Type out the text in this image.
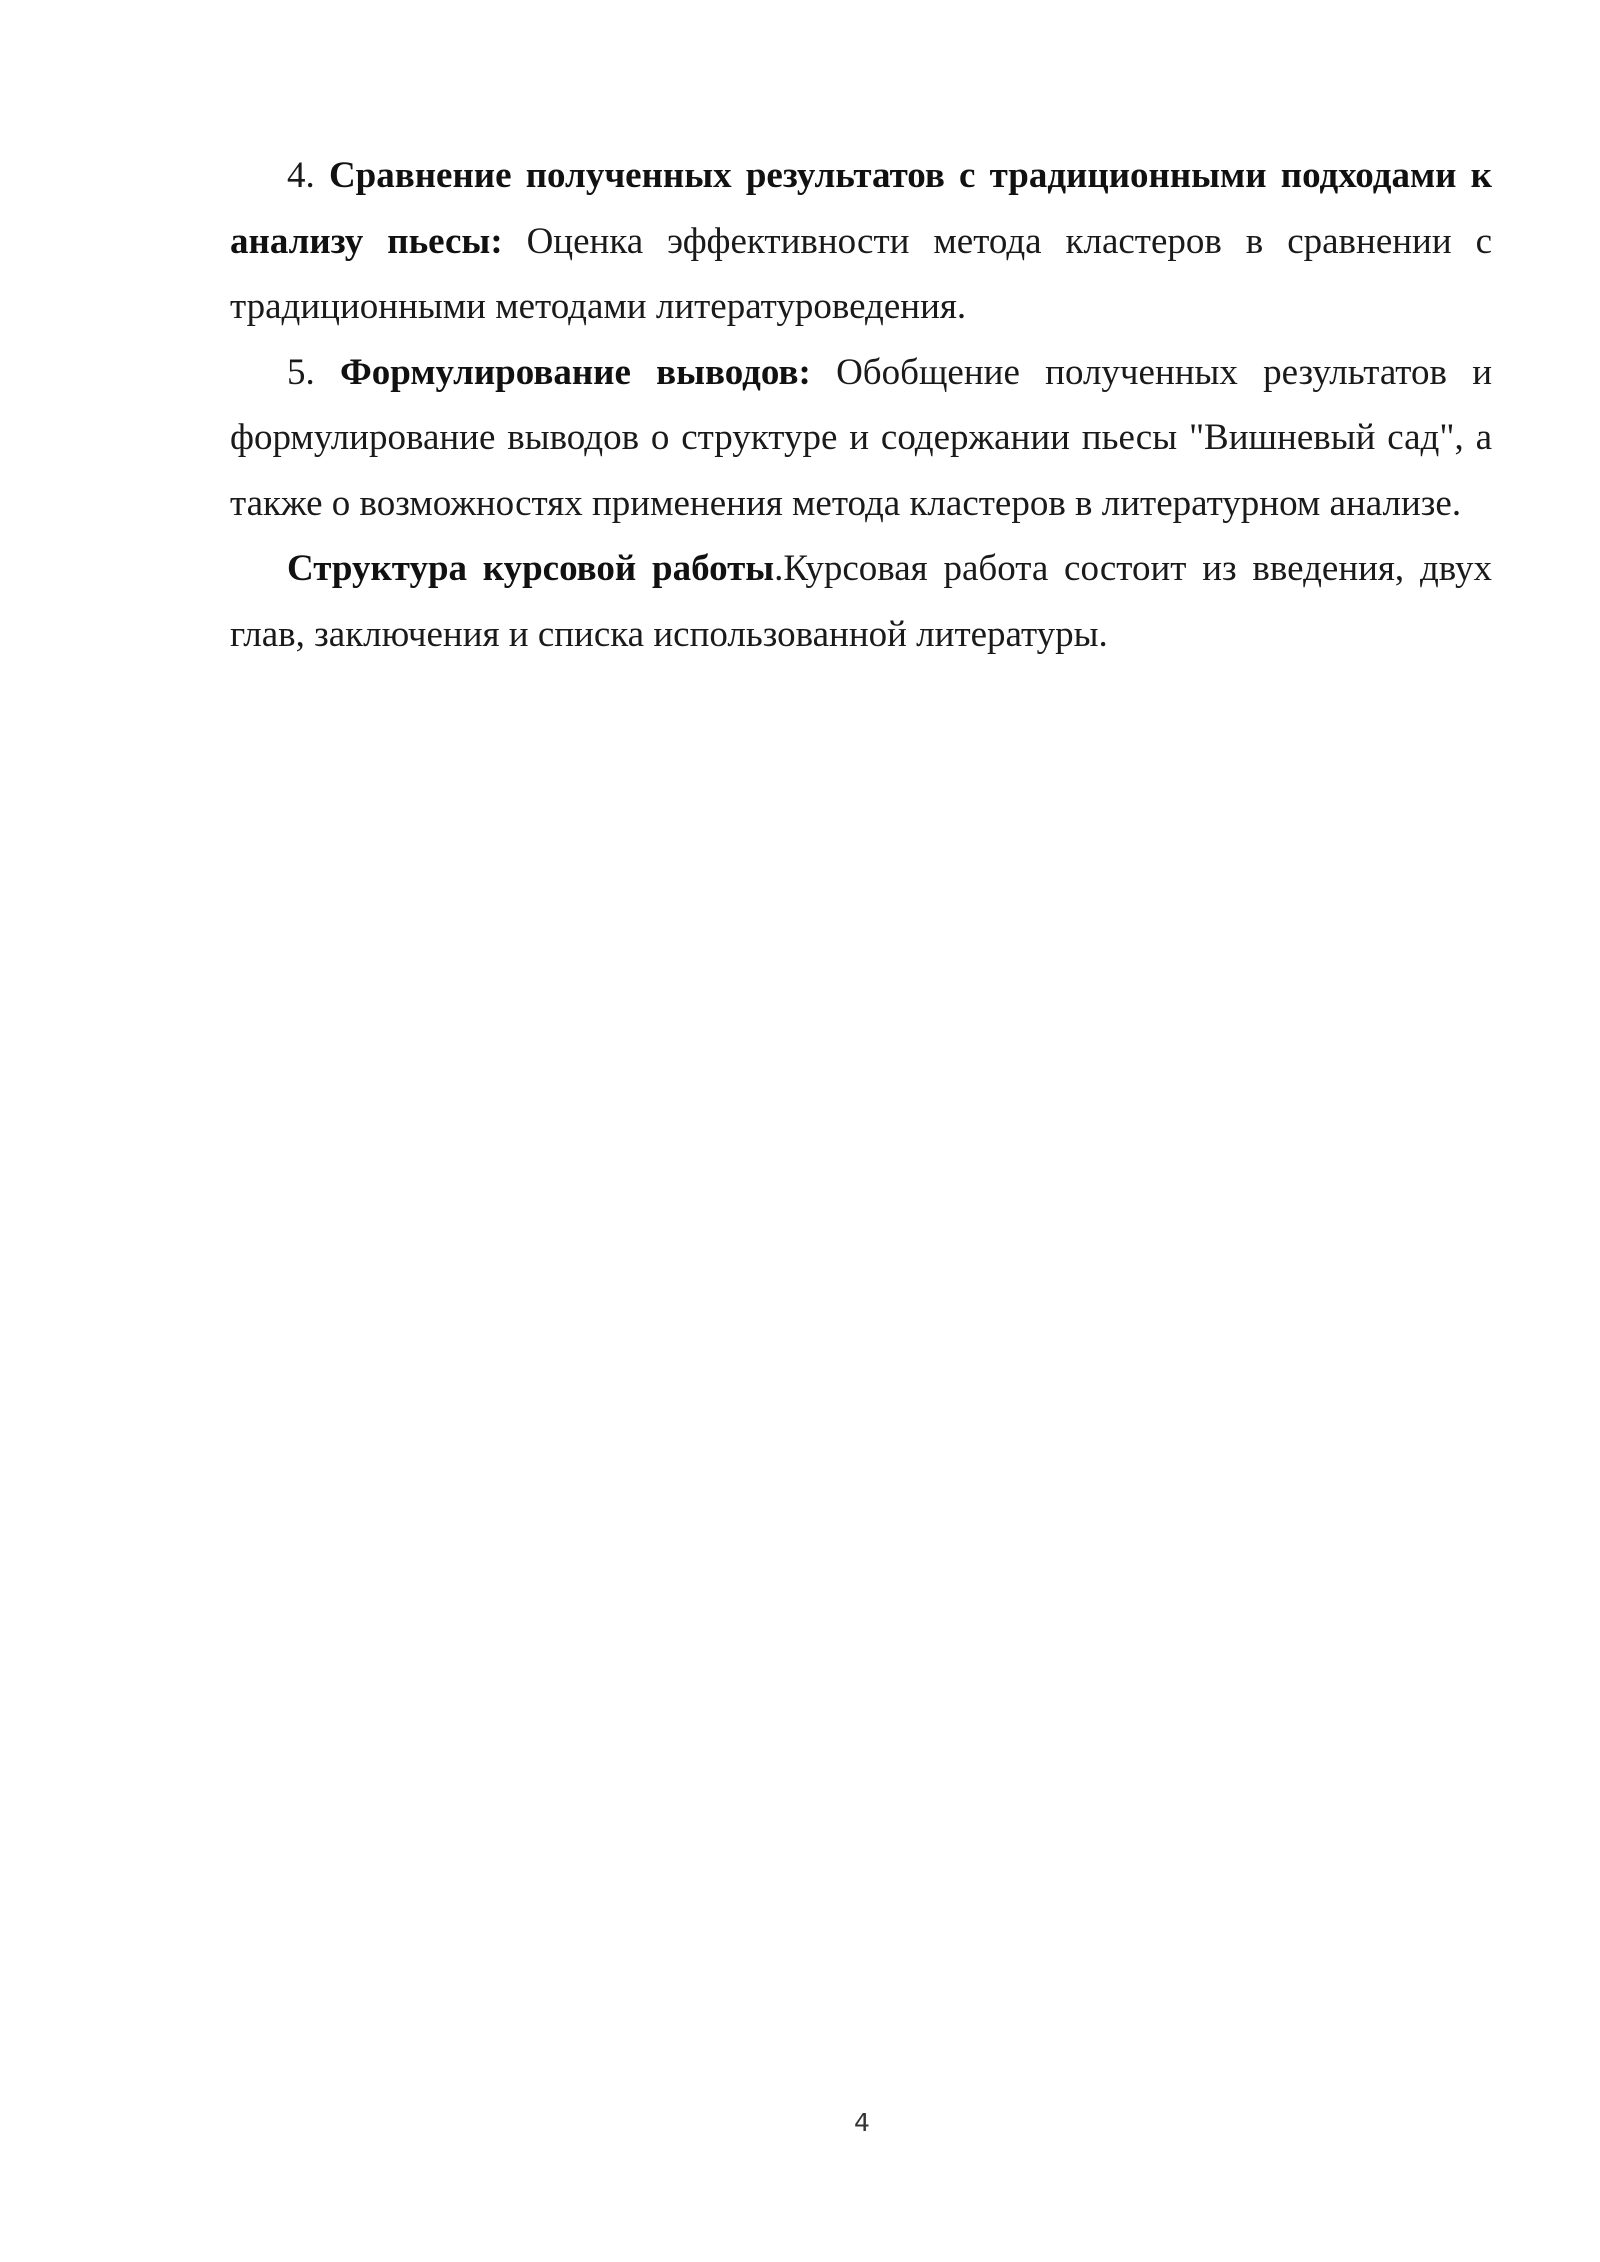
4. Сравнение полученных результатов с традиционными подходами к анализу пьесы: Оценка эффективности метода кластеров в сравнении с традиционными методами литературоведения.

5. Формулирование выводов: Обобщение полученных результатов и формулирование выводов о структуре и содержании пьесы "Вишневый сад", а также о возможностях применения метода кластеров в литературном анализе.

Структура курсовой работы.Курсовая работа состоит из введения, двух глав, заключения и списка использованной литературы.

4
